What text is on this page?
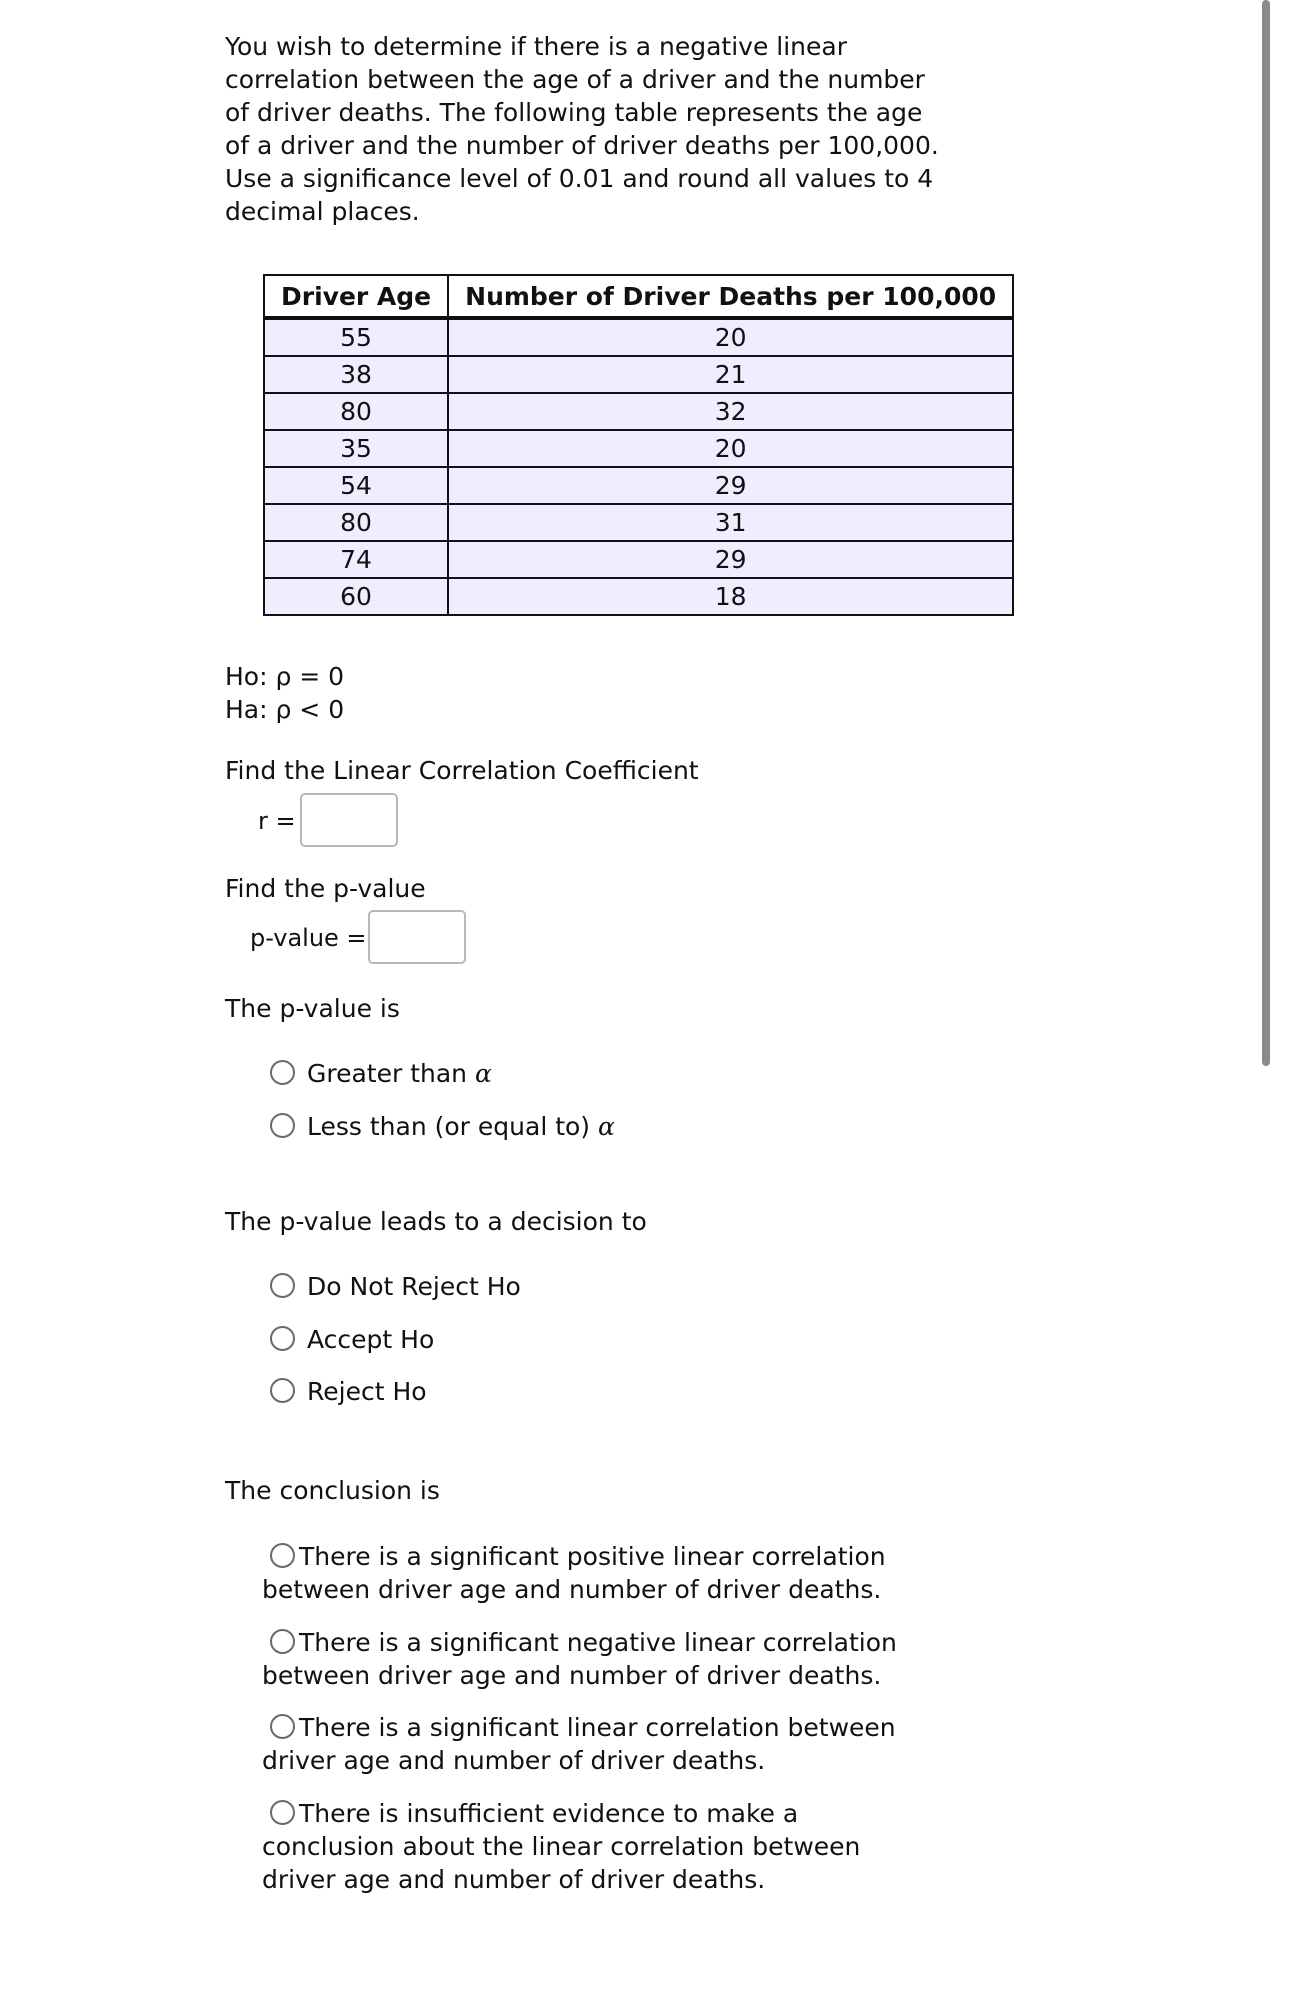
You wish to determine if there is a negative linear correlation between the age of a driver and the number of driver deaths. The following table represents the age of a driver and the number of driver deaths per 100,000. Use a significance level of 0.01 and round all values to 4 decimal places.

Driver Age	Number of Driver Deaths per 100,000
55	20
38	21
80	32
35	20
54	29
80	31
74	29
60	18
Ho: ρ = 0
Ha: ρ < 0
Find the Linear Correlation Coefficient
r =
Find the p-value
p-value =
The p-value is
Greater than α
Less than (or equal to) α
The p-value leads to a decision to
Do Not Reject Ho
Accept Ho
Reject Ho
The conclusion is
There is a significant positive linear correlation between driver age and number of driver deaths.
There is a significant negative linear correlation between driver age and number of driver deaths.
There is a significant linear correlation between driver age and number of driver deaths.
There is insufficient evidence to make a conclusion about the linear correlation between driver age and number of driver deaths.
